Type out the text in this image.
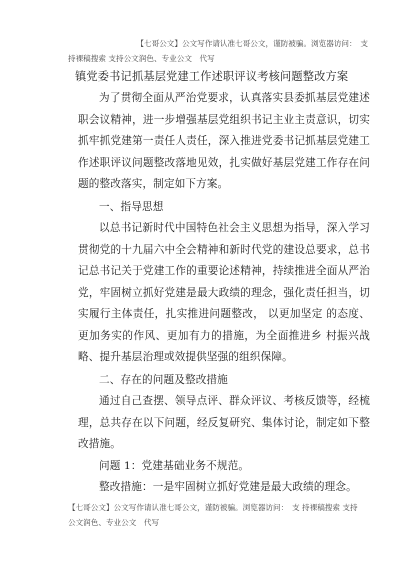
【七哥公文】公文写作请认准七哥公文，谨防被骗。浏览器访问：　支
持裸稿搜索 支持公文润色、专业公文　代写
镇党委书记抓基层党建工作述职评议考核问题整改方案

为了贯彻全面从严治党要求，认真落实县委抓基层党建述职会议精神，进一步增强基层党组织书记主业主责意识，切实抓牢抓党建第一责任人责任，深入推进党委书记抓基层党建工作述职评议问题整改落地见效，扎实做好基层党建工作存在问题的整改落实，制定如下方案。

一、指导思想

以总书记新时代中国特色社会主义思想为指导，深入学习贯彻党的十九届六中全会精神和新时代党的建设总要求，总书记总书记关于党建工作的重要论述精神，持续推进全面从严治党，牢固树立抓好党建是最大政绩的理念，强化责任担当，切实履行主体责任，扎实推进问题整改， 以更加坚定 的态度、更加务实的作风、更加有力的措施，为全面推进乡 村振兴战略、提升基层治理或效提供坚强的组织保障。

二、存在的问题及整改措施

通过自己查摆、领导点评、群众评议、考核反馈等，经梳理，总共存在以下问题，经反复研究、集体讨论，制定如下整改措施。

问题 1：党建基础业务不规范。

整改措施：一是牢固树立抓好党建是最大政绩的理念。

【七哥公文】公文写作请认准七哥公文，谨防被骗。浏览器访问：　支 持裸稿搜索 支持
公文润色、专业公文　代写
